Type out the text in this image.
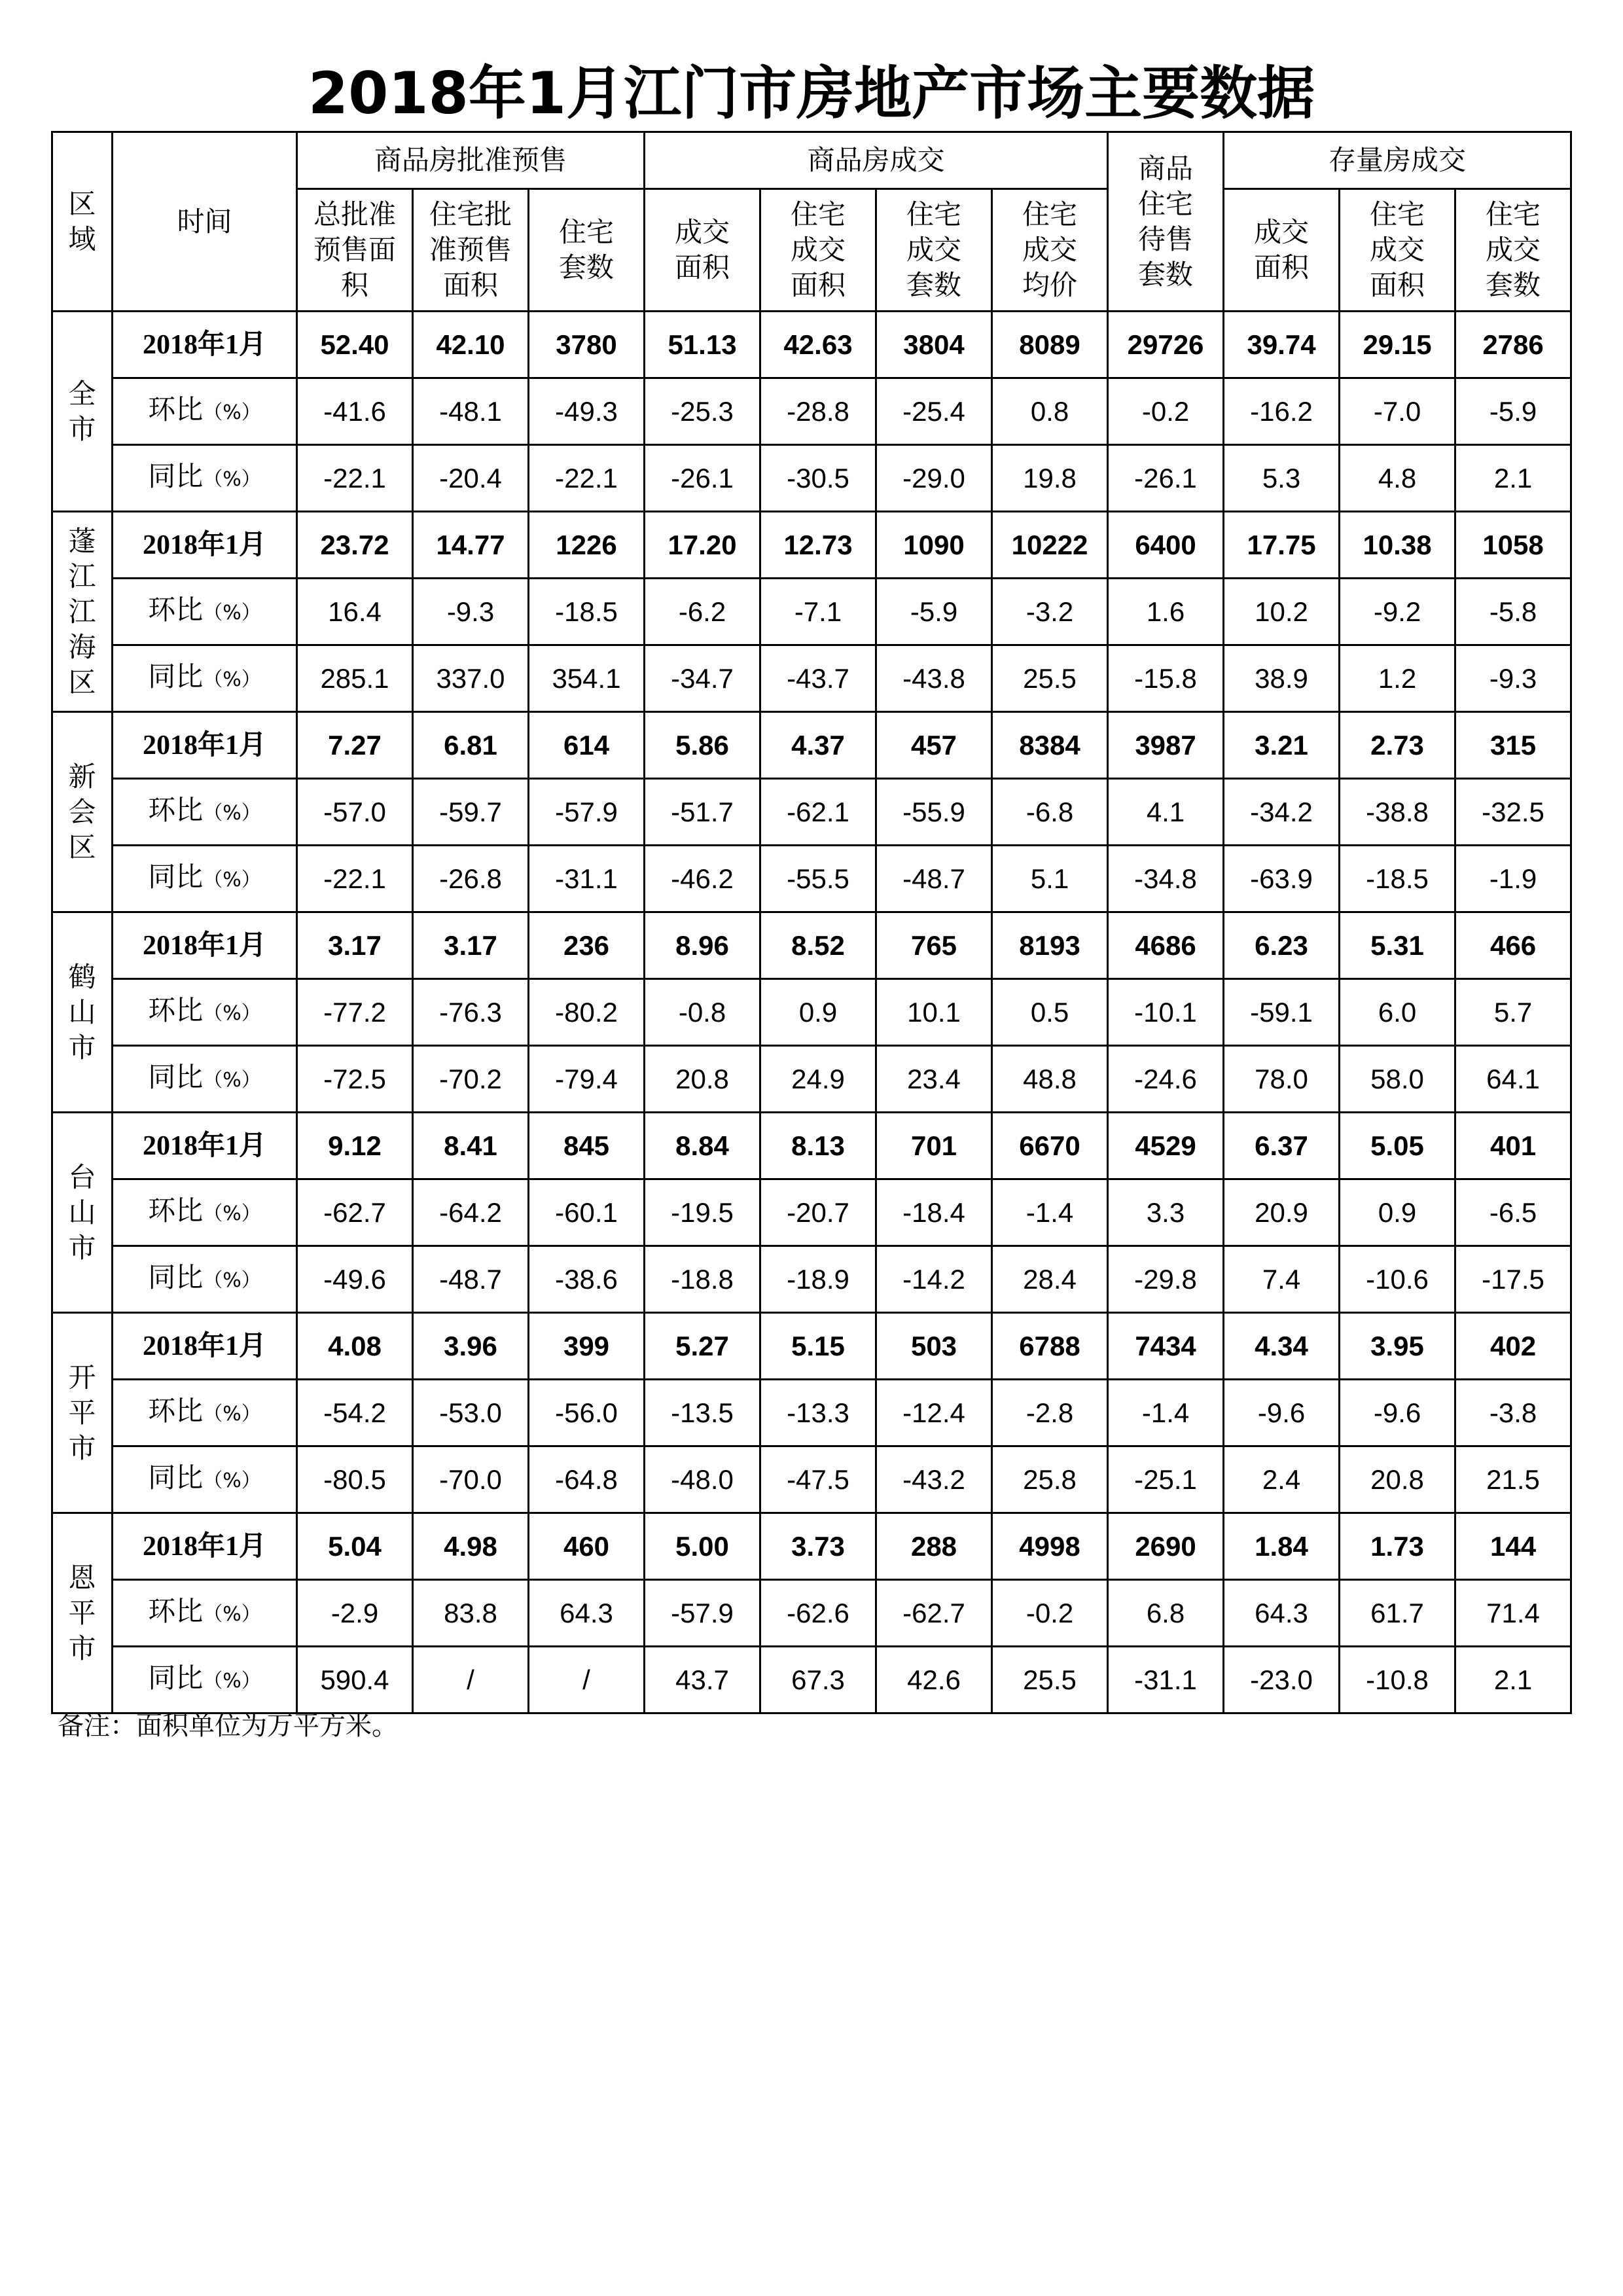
2018年1月江门市房地产市场主要数据
区域	时间	商品房批准预售			商品房成交				商品住宅待售套数	存量房成交		
		总批准预售面积	住宅批准预售面积	住宅套数	成交面积	住宅成交面积	住宅成交套数	住宅成交均价		成交面积	住宅成交面积	住宅成交套数
全市	2018年1月	52.40	42.10	3780	51.13	42.63	3804	8089	29726	39.74	29.15	2786
	环比（%）	-41.6	-48.1	-49.3	-25.3	-28.8	-25.4	0.8	-0.2	-16.2	-7.0	-5.9
	同比（%）	-22.1	-20.4	-22.1	-26.1	-30.5	-29.0	19.8	-26.1	5.3	4.8	2.1
蓬江江海区	2018年1月	23.72	14.77	1226	17.20	12.73	1090	10222	6400	17.75	10.38	1058
	环比（%）	16.4	-9.3	-18.5	-6.2	-7.1	-5.9	-3.2	1.6	10.2	-9.2	-5.8
	同比（%）	285.1	337.0	354.1	-34.7	-43.7	-43.8	25.5	-15.8	38.9	1.2	-9.3
新会区	2018年1月	7.27	6.81	614	5.86	4.37	457	8384	3987	3.21	2.73	315
	环比（%）	-57.0	-59.7	-57.9	-51.7	-62.1	-55.9	-6.8	4.1	-34.2	-38.8	-32.5
	同比（%）	-22.1	-26.8	-31.1	-46.2	-55.5	-48.7	5.1	-34.8	-63.9	-18.5	-1.9
鹤山市	2018年1月	3.17	3.17	236	8.96	8.52	765	8193	4686	6.23	5.31	466
	环比（%）	-77.2	-76.3	-80.2	-0.8	0.9	10.1	0.5	-10.1	-59.1	6.0	5.7
	同比（%）	-72.5	-70.2	-79.4	20.8	24.9	23.4	48.8	-24.6	78.0	58.0	64.1
台山市	2018年1月	9.12	8.41	845	8.84	8.13	701	6670	4529	6.37	5.05	401
	环比（%）	-62.7	-64.2	-60.1	-19.5	-20.7	-18.4	-1.4	3.3	20.9	0.9	-6.5
	同比（%）	-49.6	-48.7	-38.6	-18.8	-18.9	-14.2	28.4	-29.8	7.4	-10.6	-17.5
开平市	2018年1月	4.08	3.96	399	5.27	5.15	503	6788	7434	4.34	3.95	402
	环比（%）	-54.2	-53.0	-56.0	-13.5	-13.3	-12.4	-2.8	-1.4	-9.6	-9.6	-3.8
	同比（%）	-80.5	-70.0	-64.8	-48.0	-47.5	-43.2	25.8	-25.1	2.4	20.8	21.5
恩平市	2018年1月	5.04	4.98	460	5.00	3.73	288	4998	2690	1.84	1.73	144
	环比（%）	-2.9	83.8	64.3	-57.9	-62.6	-62.7	-0.2	6.8	64.3	61.7	71.4
	同比（%）	590.4	/	/	43.7	67.3	42.6	25.5	-31.1	-23.0	-10.8	2.1
备注：面积单位为万平方米。
